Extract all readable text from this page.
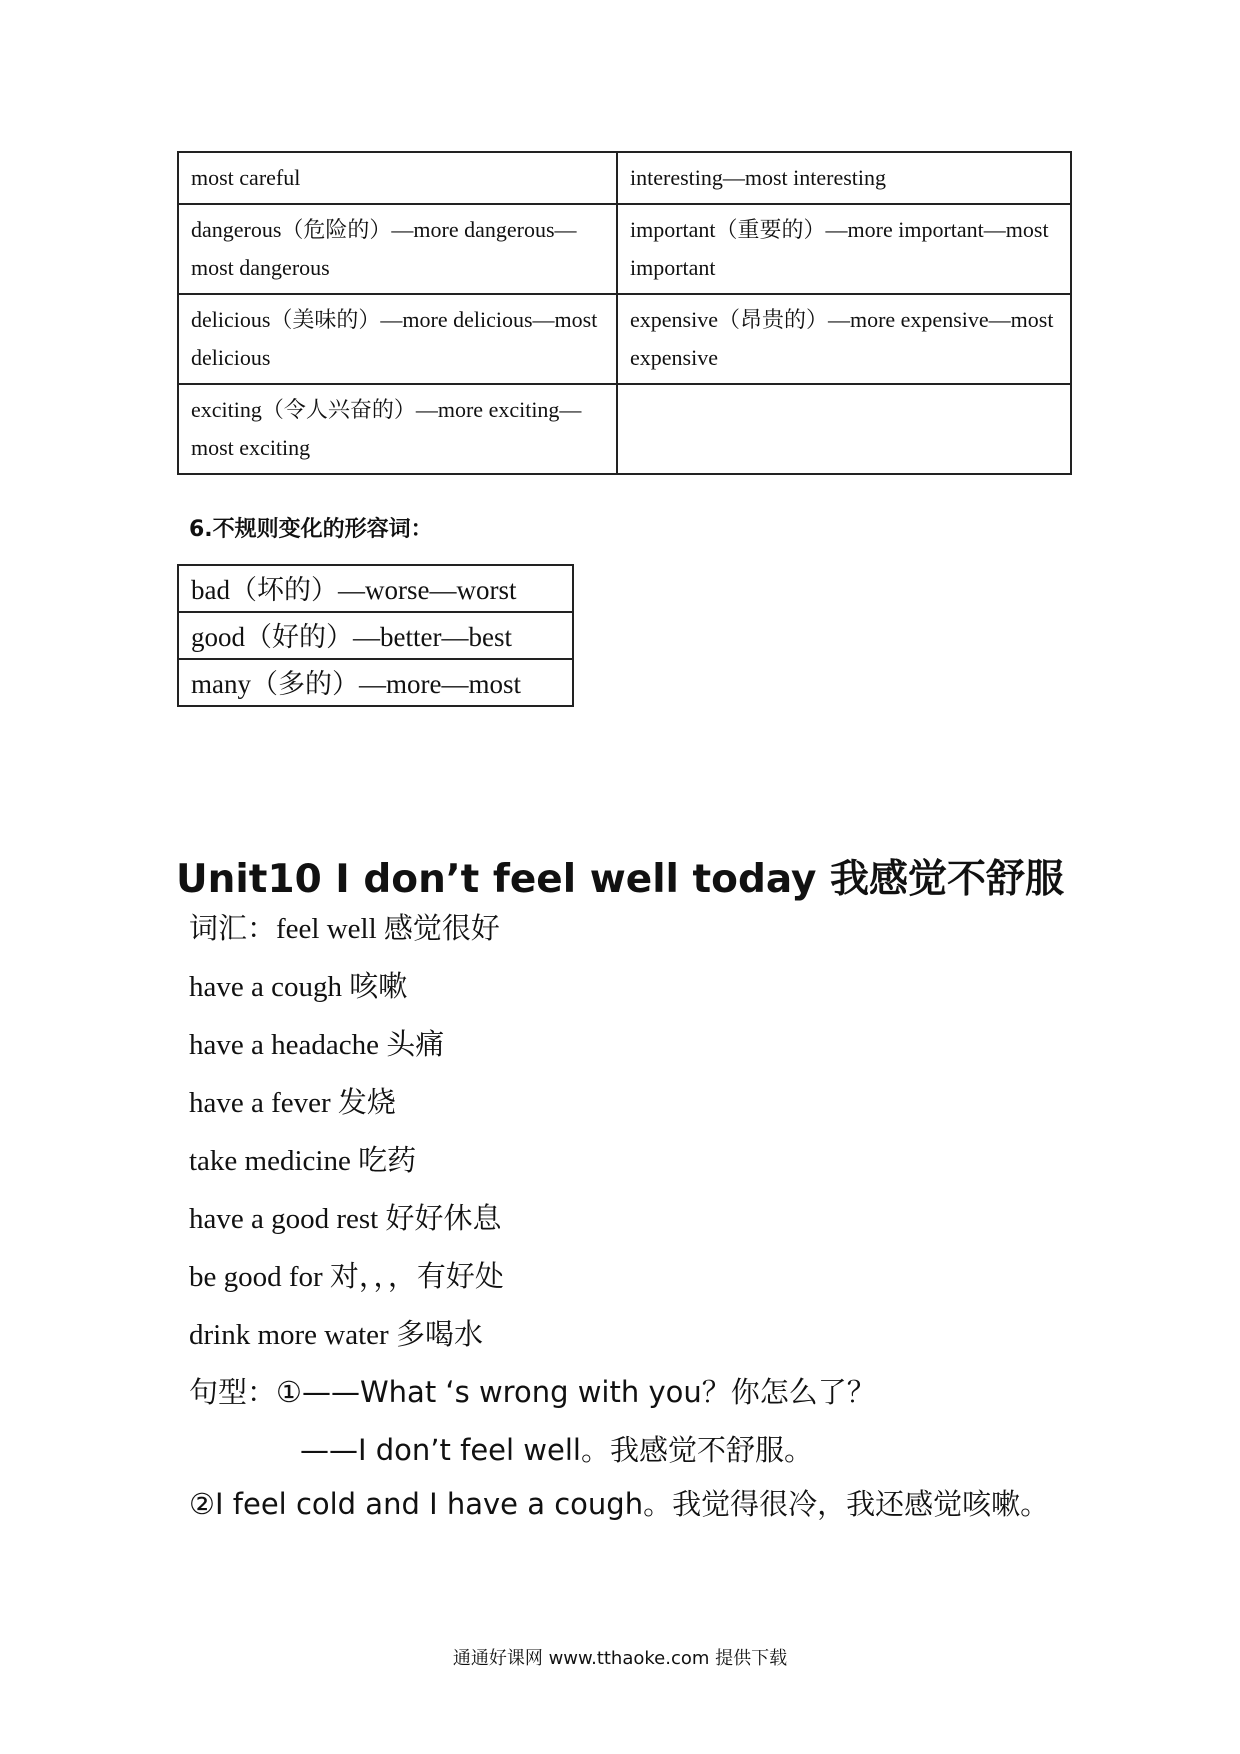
most careful	interesting—most interesting
dangerous（危险的）—more dangerous—most dangerous	important（重要的）—more important—most important
delicious（美味的）—more delicious—most delicious	expensive（昂贵的）—more expensive—most expensive
exciting（令人兴奋的）—more exciting—most exciting	
6.不规则变化的形容词：
bad（坏的）—worse—worst
good（好的）—better—best
many（多的）—more—most
Unit10 I don’t feel well today 我感觉不舒服
词汇：feel well 感觉很好
have a cough 咳嗽
have a headache 头痛
have a fever 发烧
take medicine 吃药
have a good rest 好好休息
be good for 对，，，有好处
drink more water 多喝水
句型：①——What ‘s wrong with you？你怎么了？
——I don’t feel well。我感觉不舒服。
②I feel cold and I have a cough。我觉得很冷，我还感觉咳嗽。
通通好课网 www.tthaoke.com 提供下载
